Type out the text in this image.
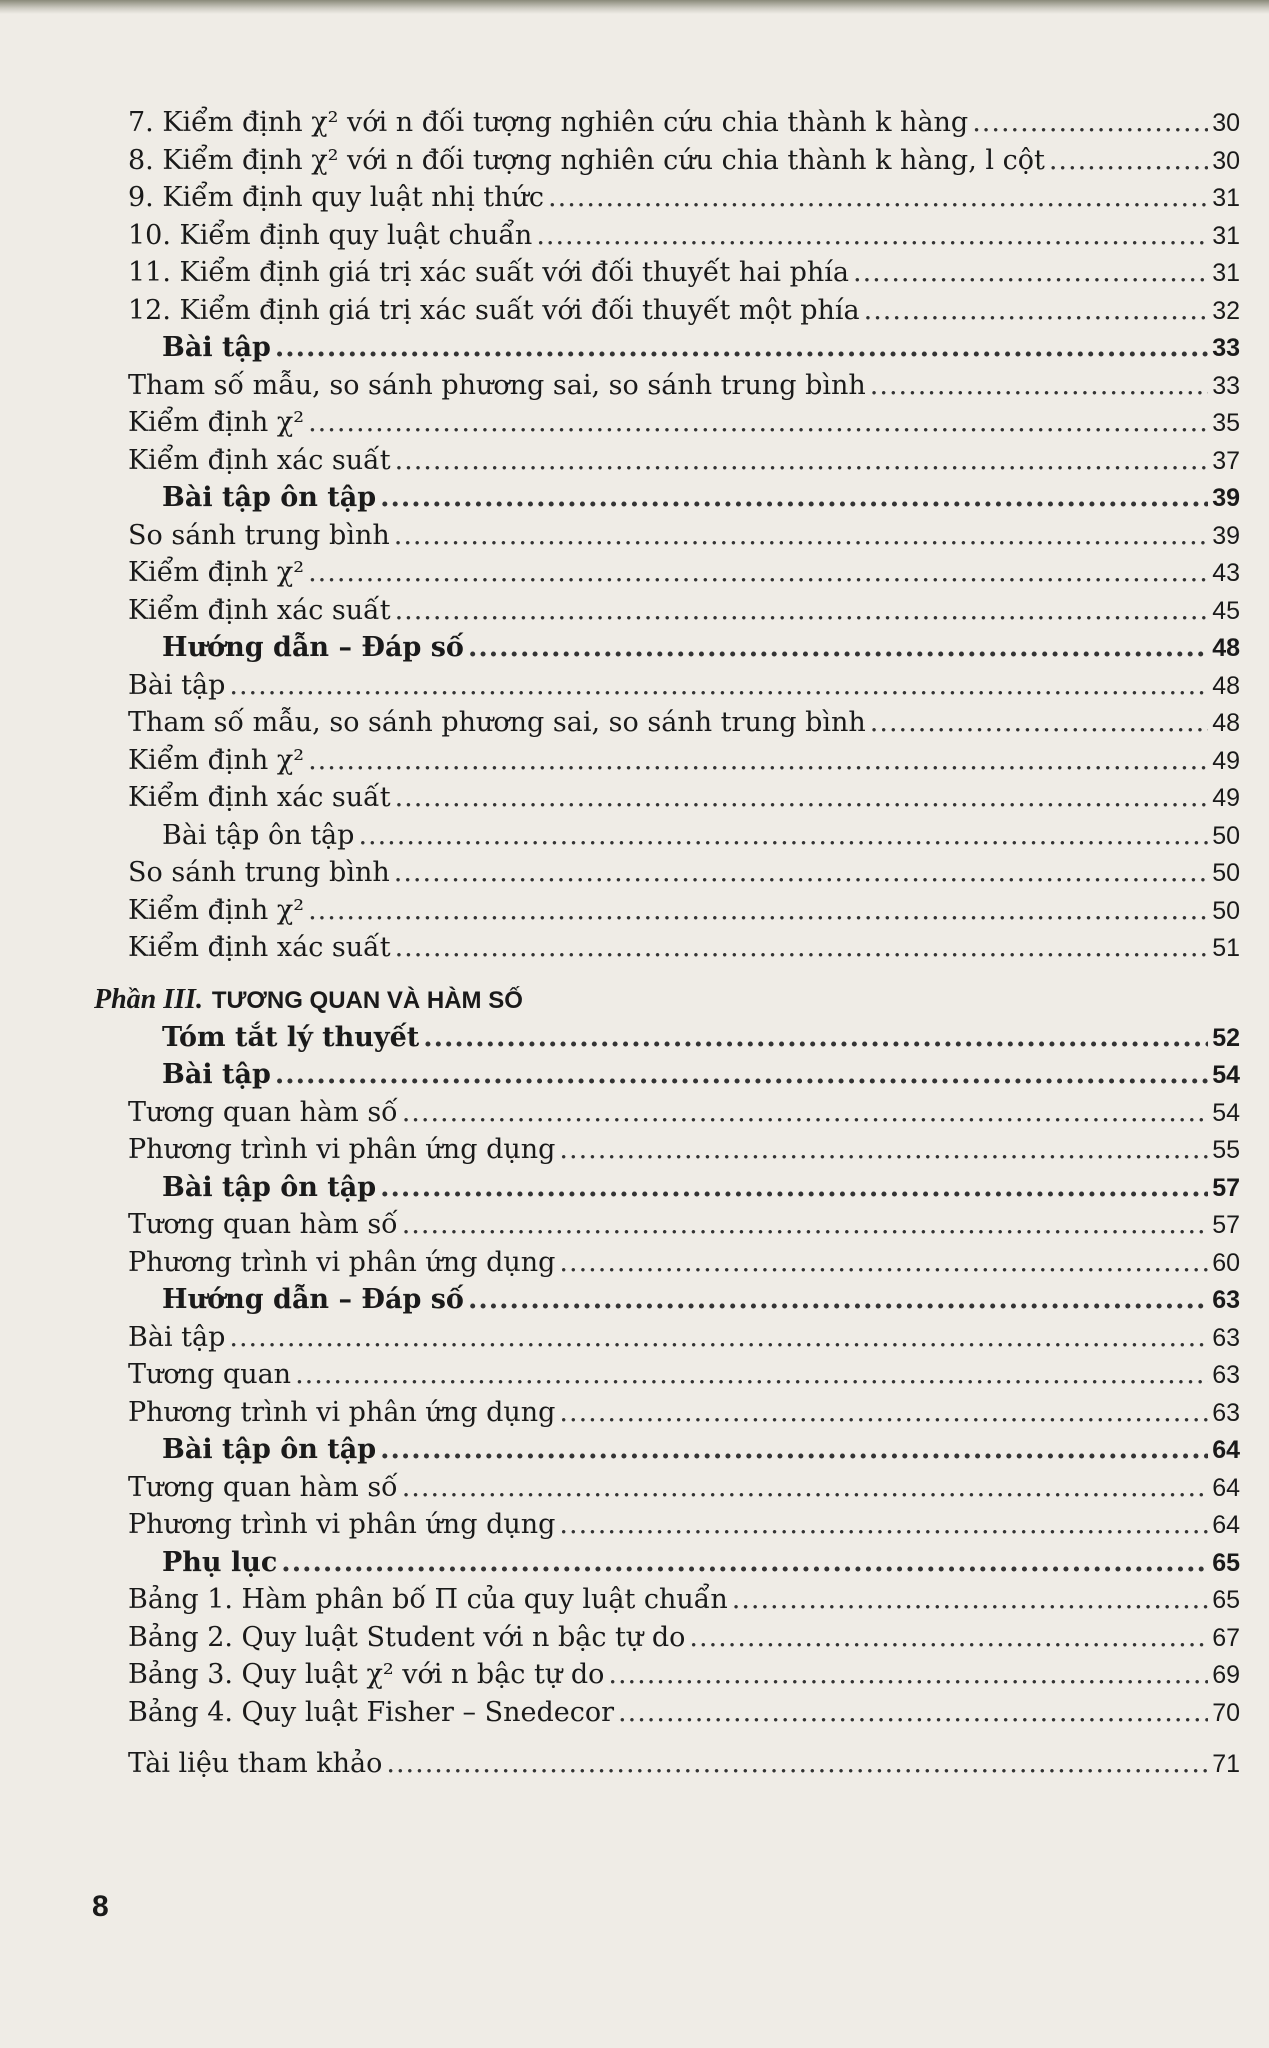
7. Kiểm định χ² với n đối tượng nghiên cứu chia thành k hàng .....	30
8. Kiểm định χ² với n đối tượng nghiên cứu chia thành k hàng, l cột .....	30
9. Kiểm định quy luật nhị thức .....	31
10. Kiểm định quy luật chuẩn .....	31
11. Kiểm định giá trị xác suất với đối thuyết hai phía .....	31
12. Kiểm định giá trị xác suất với đối thuyết một phía .....	32
Bài tập .....	33
Tham số mẫu, so sánh phương sai, so sánh trung bình .....	33
Kiểm định χ² .....	35
Kiểm định xác suất .....	37
Bài tập ôn tập .....	39
So sánh trung bình .....	39
Kiểm định χ² .....	43
Kiểm định xác suất .....	45
Hướng dẫn – Đáp số .....	48
Bài tập .....	48
Tham số mẫu, so sánh phương sai, so sánh trung bình .....	48
Kiểm định χ² .....	49
Kiểm định xác suất .....	49
Bài tập ôn tập .....	50
So sánh trung bình .....	50
Kiểm định χ² .....	50
Kiểm định xác suất .....	51
Phần III. TƯƠNG QUAN VÀ HÀM SỐ
Tóm tắt lý thuyết .....	52
Bài tập .....	54
Tương quan hàm số .....	54
Phương trình vi phân ứng dụng .....	55
Bài tập ôn tập .....	57
Tương quan hàm số .....	57
Phương trình vi phân ứng dụng .....	60
Hướng dẫn – Đáp số .....	63
Bài tập .....	63
Tương quan .....	63
Phương trình vi phân ứng dụng .....	63
Bài tập ôn tập .....	64
Tương quan hàm số .....	64
Phương trình vi phân ứng dụng .....	64
Phụ lục .....	65
Bảng 1. Hàm phân bố Π của quy luật chuẩn .....	65
Bảng 2. Quy luật Student với n bậc tự do .....	67
Bảng 3. Quy luật χ² với n bậc tự do .....	69
Bảng 4. Quy luật Fisher – Snedecor .....	70
Tài liệu tham khảo .....	71
8
